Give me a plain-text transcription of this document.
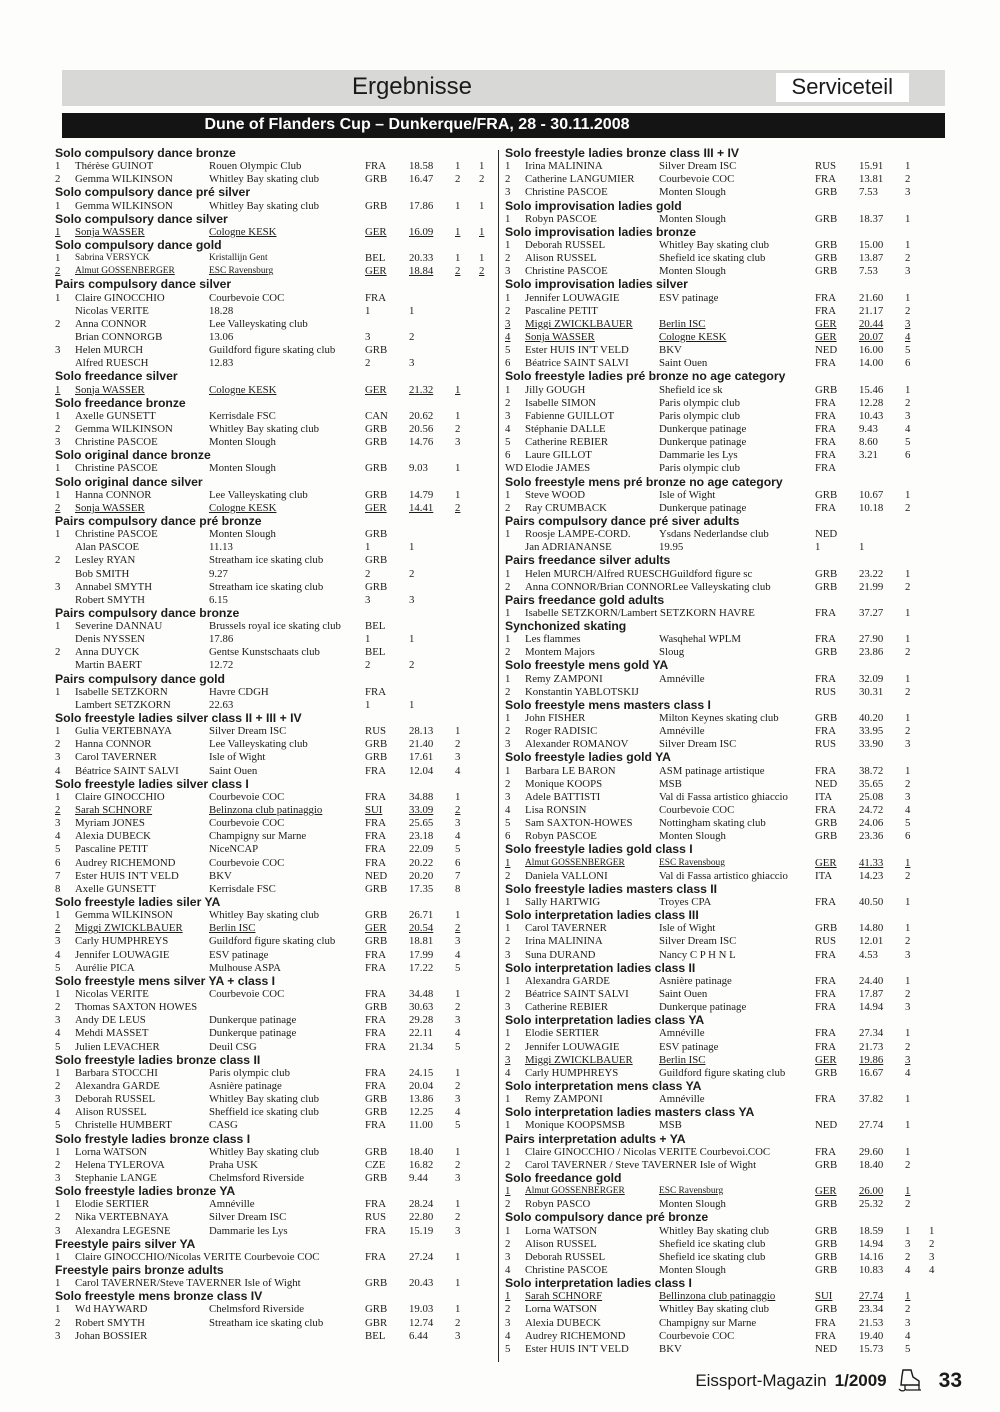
Ergebnisse	Serviceteil
Dune of Flanders Cup – Dunkerque/FRA, 28 - 30.11.2008
Solo compulsory dance bronze
1	Thérèse GUINOT	Rouen Olympic Club	FRA	18.58	1	1
2	Gemma WILKINSON	Whitley Bay skating club	GRB	16.47	2	2
Solo compulsory dance pré silver
1	Gemma WILKINSON	Whitley Bay skating club	GRB	17.86	1	1
Solo compulsory dance silver
1	Sonja WASSER	Cologne KESK	GER	16.09	1	1
Solo compulsory dance gold
1	Sabrina VERSYCK	Kristallijn Gent	BEL	20.33	1	1
2	Almut GOSSENBERGER	ESC Ravensburg	GER	18.84	2	2
Pairs compulsory dance silver
1	Claire GINOCCHIO	Courbevoie COC	FRA
Nicolas VERITE	18.28	1	1
2	Anna CONNOR	Lee Valleyskating club
Brian CONNORGB	13.06	3	2
3	Helen MURCH	Guildford figure skating club	GRB
Alfred RUESCH	12.83	2	3
Solo freedance silver
1	Sonja WASSER	Cologne KESK	GER	21.32	1
Solo freedance bronze
1	Axelle GUNSETT	Kerrisdale FSC	CAN	20.62	1
2	Gemma WILKINSON	Whitley Bay skating club	GRB	20.56	2
3	Christine PASCOE	Monten Slough	GRB	14.76	3
Solo original dance bronze
1	Christine PASCOE	Monten Slough	GRB	9.03	1
Solo original dance silver
1	Hanna CONNOR	Lee Valleyskating club	GRB	14.79	1
2	Sonja WASSER	Cologne KESK	GER	14.41	2
Pairs compulsory dance pré bronze
1	Christine PASCOE	Monten Slough	GRB
Alan PASCOE	11.13	1	1
2	Lesley RYAN	Streatham ice skating club	GRB
Bob SMITH	9.27	2	2
3	Annabel SMYTH	Streatham ice skating club	GRB
Robert SMYTH	6.15	3	3
Pairs compulsory dance bronze
1	Severine DANNAU	Brussels royal ice skating club	BEL
Denis NYSSEN	17.86	1	1
2	Anna DUYCK	Gentse Kunstschaats club	BEL
Martin BAERT	12.72	2	2
Pairs compulsory dance gold
1	Isabelle SETZKORN	Havre CDGH	FRA
Lambert SETZKORN	22.63	1	1
Solo freestyle ladies silver class II + III + IV
1	Gulia VERTEBNAYA	Silver Dream ISC	RUS	28.13	1
2	Hanna CONNOR	Lee Valleyskating club	GRB	21.40	2
3	Carol TAVERNER	Isle of Wight	GRB	17.61	3
4	Béatrice SAINT SALVI	Saint Ouen	FRA	12.04	4
Solo freestyle ladies silver class I
1	Claire GINOCCHIO	Courbevoie COC	FRA	34.88	1
2	Sarah SCHNORF	Belinzona club patinaggio	SUI	33.09	2
3	Myriam JONES	Courbevoie COC	FRA	25.65	3
4	Alexia DUBECK	Champigny sur Marne	FRA	23.18	4
5	Pascaline PETIT	NiceNCAP	FRA	22.09	5
6	Audrey RICHEMOND	Courbevoie COC	FRA	20.22	6
7	Ester HUIS IN'T VELD	BKV	NED	20.20	7
8	Axelle GUNSETT	Kerrisdale FSC	GRB	17.35	8
Solo freestyle ladies siler YA
1	Gemma WILKINSON	Whitley Bay skating club	GRB	26.71	1
2	Miggi ZWICKLBAUER	Berlin ISC	GER	20.54	2
3	Carly HUMPHREYS	Guildford figure skating club	GRB	18.81	3
4	Jennifer LOUWAGIE	ESV patinage	FRA	17.99	4
5	Aurélie PICA	Mulhouse ASPA	FRA	17.22	5
Solo freestyle mens silver YA + class I
1	Nicolas VERITE	Courbevoie COC	FRA	34.48	1
2	Thomas SAXTON HOWES	GRB	30.63	2
3	Andy DE LEUS	Dunkerque patinage	FRA	29.28	3
4	Mehdi MASSET	Dunkerque patinage	FRA	22.11	4
5	Julien LEVACHER	Deuil CSG	FRA	21.34	5
Solo freestyle ladies bronze class II
1	Barbara STOCCHI	Paris olympic club	FRA	24.15	1
2	Alexandra GARDE	Asnière patinage	FRA	20.04	2
3	Deborah RUSSEL	Whitley Bay skating club	GRB	13.86	3
4	Alison RUSSEL	Sheffield ice skating club	GRB	12.25	4
5	Christelle HUMBERT	CASG	FRA	11.00	5
Solo frestyle ladies bronze class I
1	Lorna WATSON	Whitley Bay skating club	GRB	18.40	1
2	Helena TYLEROVA	Praha USK	CZE	16.82	2
3	Stephanie LANGE	Chelmsford Riverside	GRB	9.44	3
Solo freestyle ladies bronze YA
1	Elodie SERTIER	Amnéville	FRA	28.24	1
2	Nika VERTEBNAYA	Silver Dream ISC	RUS	22.80	2
3	Alexandra LEGESNE	Dammarie les Lys	FRA	15.19	3
Freestyle pairs silver YA
1	Claire GINOCCHIO/Nicolas VERITE Courbevoie COC	FRA	27.24	1
Freestyle pairs bronze adults
1	Carol TAVERNER/Steve TAVERNER Isle of Wight	GRB	20.43	1
Solo freestyle mens bronze class IV
1	Wd HAYWARD	Chelmsford Riverside	GRB	19.03	1
2	Robert SMYTH	Streatham ice skating club	GBR	12.74	2
3	Johan BOSSIER	BEL	6.44	3
Solo freestyle ladies bronze class III + IV
1	Irina MALININA	Silver Dream ISC	RUS	15.91	1
2	Catherine LANGUMIER	Courbevoie COC	FRA	13.81	2
3	Christine PASCOE	Monten Slough	GRB	7.53	3
Solo improvisation ladies gold
1	Robyn PASCOE	Monten Slough	GRB	18.37	1
Solo improvisation ladies bronze
1	Deborah RUSSEL	Whitley Bay skating club	GRB	15.00	1
2	Alison RUSSEL	Shefield ice skating club	GRB	13.87	2
3	Christine PASCOE	Monten Slough	GRB	7.53	3
Solo improvisation ladies silver
1	Jennifer LOUWAGIE	ESV patinage	FRA	21.60	1
2	Pascaline PETIT	FRA	21.17	2
3	Miggi ZWICKLBAUER	Berlin ISC	GER	20.44	3
4	Sonja WASSER	Cologne KESK	GER	20.07	4
5	Ester HUIS IN'T VELD	BKV	NED	16.00	5
6	Béatrice SAINT SALVI	Saint Ouen	FRA	14.00	6
Solo freestyle ladies pré bronze no age category
1	Jilly GOUGH	Shefield ice sk	GRB	15.46	1
2	Isabelle SIMON	Paris olympic club	FRA	12.28	2
3	Fabienne GUILLOT	Paris olympic club	FRA	10.43	3
4	Stéphanie DALLE	Dunkerque patinage	FRA	9.43	4
5	Catherine REBIER	Dunkerque patinage	FRA	8.60	5
6	Laure GILLOT	Dammarie les Lys	FRA	3.21	6
WD Elodie JAMES	Paris olympic club	FRA
Solo freestyle mens pré bronze no age category
1	Steve WOOD	Isle of Wight	GRB	10.67	1
2	Ray CRUMBACK	Dunkerque patinage	FRA	10.18	2
Pairs compulsory dance pré siver adults
1	Roosje LAMPE-CORD.	Ysdans Nederlandse club	NED
Jan ADRIANANSE	19.95	1	1
Pairs freedance silver adults
1	Helen MURCH/Alfred RUESCHGuildford figure sc	GRB	23.22	1
2	Anna CONNOR/Brian CONNORLee Valleyskating club	GRB	21.99	2
Pairs freedance gold adults
1	Isabelle SETZKORN/Lambert SETZKORN HAVRE	FRA	37.27	1
Synchonized skating
1	Les flammes	Wasqhehal WPLM	FRA	27.90	1
2	Montem Majors	Sloug	GRB	23.86	2
Solo freestyle mens gold YA
1	Remy ZAMPONI	Amnéville	FRA	32.09	1
2	Konstantin YABLOTSKIJ	RUS	30.31	2
Solo freestyle mens masters class I
1	John FISHER	Milton Keynes skating club	GRB	40.20	1
2	Roger RADISIC	Amnéville	FRA	33.95	2
3	Alexander ROMANOV	Silver Dream ISC	RUS	33.90	3
Solo freestyle ladies gold YA
1	Barbara LE BARON	ASM patinage artistique	FRA	38.72	1
2	Monique KOOPS	MSB	NED	35.65	2
3	Adele BATTISTI	Val di Fassa artistico ghiaccio	ITA	25.08	3
4	Lisa RONSIN	Courbevoie COC	FRA	24.72	4
5	Sam SAXTON-HOWES	Nottingham skating club	GRB	24.06	5
6	Robyn PASCOE	Monten Slough	GRB	23.36	6
Solo freestyle ladies gold class I
1	Almut GOSSENBERGER	ESC Ravensboug	GER	41.33	1
2	Daniela VALLONI	Val di Fassa artistico ghiaccio	ITA	14.23	2
Solo freestyle ladies masters class II
1	Sally HARTWIG	Troyes CPA	FRA	40.50	1
Solo interpretation ladies class III
1	Carol TAVERNER	Isle of Wight	GRB	14.80	1
2	Irina MALININA	Silver Dream ISC	RUS	12.01	2
3	Suna DURAND	Nancy C P H N L	FRA	4.53	3
Solo interpretation ladies class II
1	Alexandra GARDE	Asnière patinage	FRA	24.40	1
2	Béatrice SAINT SALVI	Saint Ouen	FRA	17.87	2
3	Catherine REBIER	Dunkerque patinage	FRA	14.94	3
Solo interpretation ladies class YA
1	Elodie SERTIER	Amnéville	FRA	27.34	1
2	Jennifer LOUWAGIE	ESV patinage	FRA	21.73	2
3	Miggi ZWICKLBAUER	Berlin ISC	GER	19.86	3
4	Carly HUMPHREYS	Guildford figure skating club	GRB	16.67	4
Solo interpretation mens class YA
1	Remy ZAMPONI	Amnéville	FRA	37.82	1
Solo interpretation ladies masters class YA
1	Monique KOOPSMSB	MSB	NED	27.74	1
Pairs interpretation adults + YA
1	Claire GINOCCHIO / Nicolas VERITE Courbevoi.COC	FRA	29.60	1
2	Carol TAVERNER / Steve TAVERNER Isle of Wight	GRB	18.40	2
Solo freedance gold
1	Almut GOSSENBERGER	ESC Ravensburg	GER	26.00	1
2	Robyn PASCO	Monten Slough	GRB	25.32	2
Solo compulsory dance pré bronze
1	Lorna WATSON	Whitley Bay skating club	GRB	18.59	1	1
2	Alison RUSSEL	Shefield ice skating club	GRB	14.94	3	2
3	Deborah RUSSEL	Shefield ice skating club	GRB	14.16	2	3
4	Christine PASCOE	Monten Slough	GRB	10.83	4	4
Solo interpretation ladies class I
1	Sarah SCHNORF	Bellinzona club patinaggio	SUI	27.74	1
2	Lorna WATSON	Whitley Bay skating club	GRB	23.34	2
3	Alexia DUBECK	Champigny sur Marne	FRA	21.53	3
4	Audrey RICHEMOND	Courbevoie COC	FRA	19.40	4
5	Ester HUIS IN'T VELD	BKV	NED	15.73	5
Eissport-Magazin 1/2009 33
